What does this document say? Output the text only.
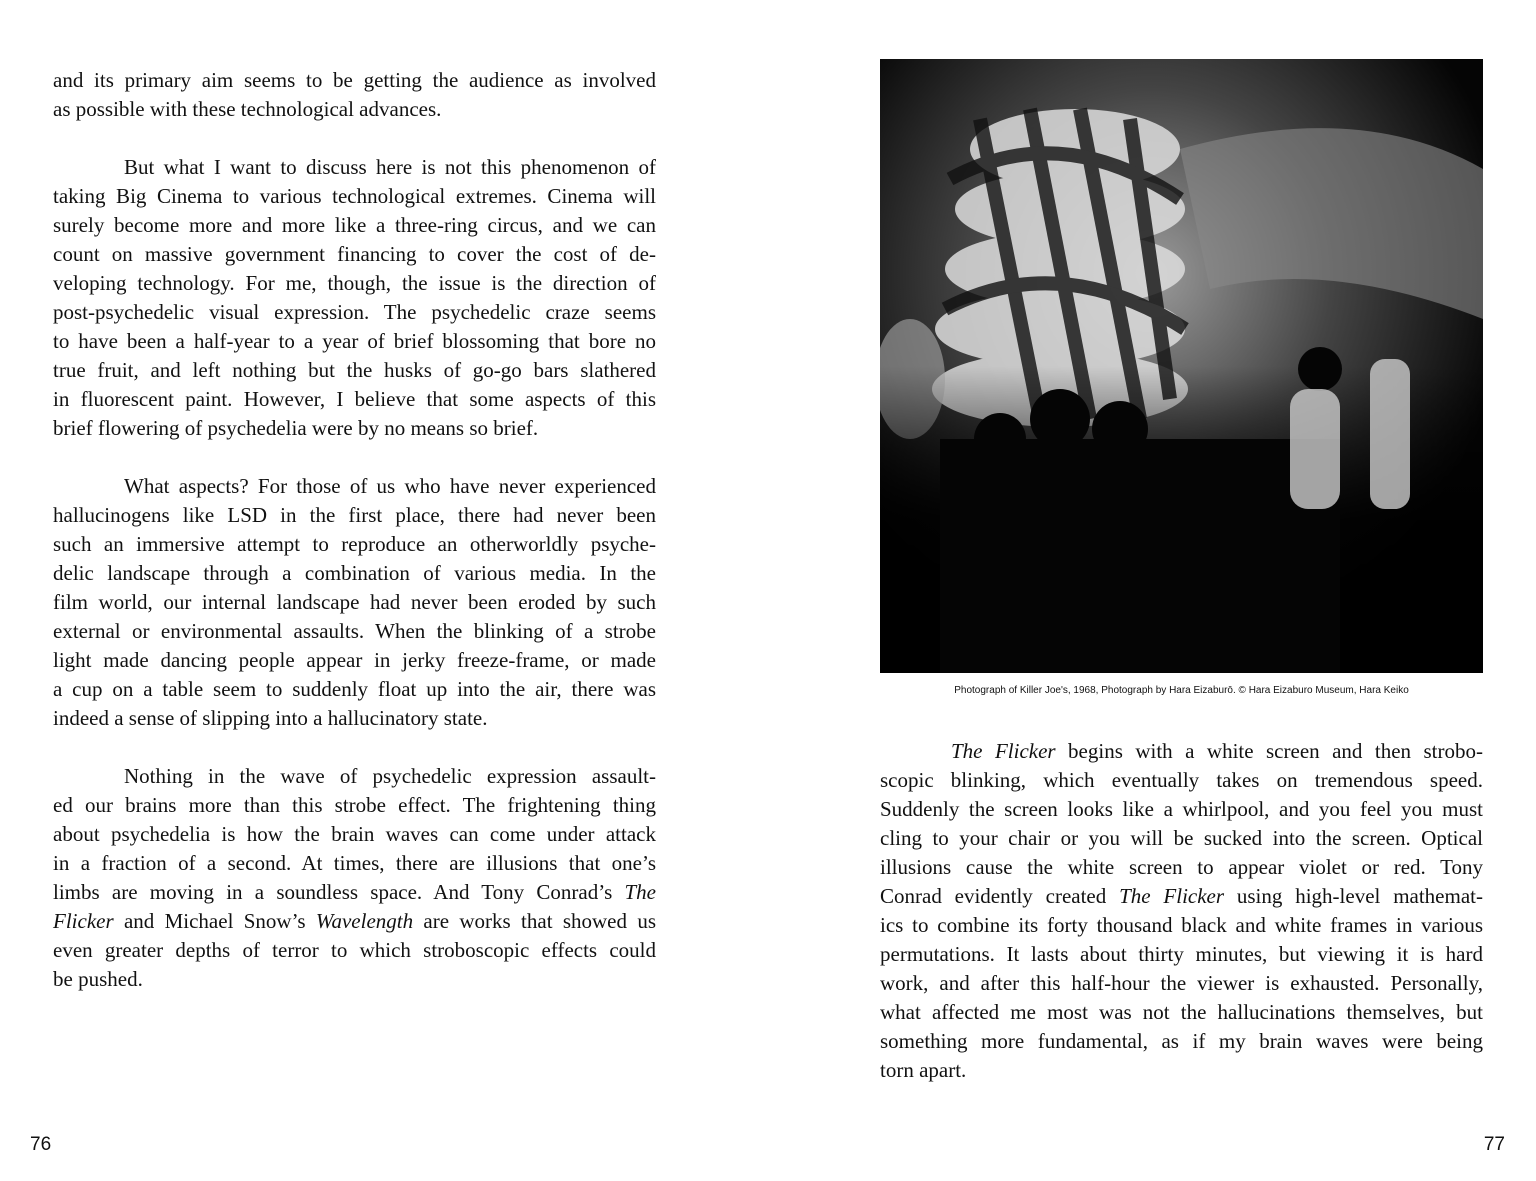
and its primary aim seems to be getting the audience as involved
as possible with these technological advances.
But what I want to discuss here is not this phenomenon of
taking Big Cinema to various technological extremes. Cinema will
surely become more and more like a three-ring circus, and we can
count on massive government financing to cover the cost of de-
veloping technology. For me, though, the issue is the direction of
post-psychedelic visual expression. The psychedelic craze seems
to have been a half-year to a year of brief blossoming that bore no
true fruit, and left nothing but the husks of go-go bars slathered
in fluorescent paint. However, I believe that some aspects of this
brief flowering of psychedelia were by no means so brief.
What aspects? For those of us who have never experienced
hallucinogens like LSD in the first place, there had never been
such an immersive attempt to reproduce an otherworldly psyche-
delic landscape through a combination of various media. In the
film world, our internal landscape had never been eroded by such
external or environmental assaults. When the blinking of a strobe
light made dancing people appear in jerky freeze-frame, or made
a cup on a table seem to suddenly float up into the air, there was
indeed a sense of slipping into a hallucinatory state.
Nothing in the wave of psychedelic expression assault-
ed our brains more than this strobe effect. The frightening thing
about psychedelia is how the brain waves can come under attack
in a fraction of a second. At times, there are illusions that one’s
limbs are moving in a soundless space. And Tony Conrad’s The
Flicker and Michael Snow’s Wavelength are works that showed us
even greater depths of terror to which stroboscopic effects could
be pushed.
Photograph of Killer Joe's, 1968, Photograph by Hara Eizaburō. © Hara Eizaburo Museum, Hara Keiko
The Flicker begins with a white screen and then strobo-
scopic blinking, which eventually takes on tremendous speed.
Suddenly the screen looks like a whirlpool, and you feel you must
cling to your chair or you will be sucked into the screen. Optical
illusions cause the white screen to appear violet or red. Tony
Conrad evidently created The Flicker using high-level mathemat-
ics to combine its forty thousand black and white frames in various
permutations. It lasts about thirty minutes, but viewing it is hard
work, and after this half-hour the viewer is exhausted. Personally,
what affected me most was not the hallucinations themselves, but
something more fundamental, as if my brain waves were being
torn apart.
76	77
